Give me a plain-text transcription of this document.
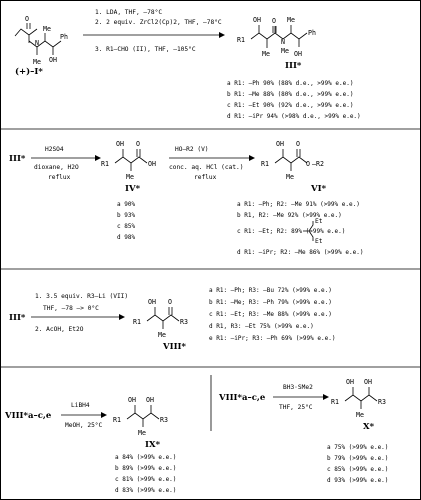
O
N
Me
Me
Ph
OH
(+)–I*
1. LDA, THF, –78°C
2. 2 equiv. ZrCl2(Cp)2, THF, –78°C
3. R1–CHO (II), THF, –105°C
R1
OH
Me
O
N
Me
Me
Ph
OH
III*
a R1: –Ph 90% (88% d.e., >99% e.e.)
b R1: –Me 88% (80% d.e., >99% e.e.)
c R1: –Et 90% (92% d.e., >99% e.e.)
d R1: –iPr 94% (>98% d.e., >99% e.e.)
III*
H2SO4
dioxane, H2O
reflux
R1
OH O
OH
Me
IV*
a 90%
b 93%
c 85%
d 98%
HO—R2 (V)
conc. aq. HCl (cat.)
reflux
R1
OH O
O –R2
Me
VI*
a R1: –Ph; R2: –Me 91% (>99% e.e.)
b R1, R2: –Me 92% (>99% e.e.)
c R1: –Et; R2: 89% (>99% e.e.)
Et
Et
d R1: –iPr; R2: –Me 86% (>99% e.e.)
III*
1. 3.5 equiv. R3—Li (VII)
THF, –78 –> 0°C
2. AcOH, Et2O
R1
OH O
R3
Me
VIII*
a R1: –Ph; R3: –Bu 72% (>99% e.e.)
b R1: –Me; R3: –Ph 79% (>99% e.e.)
c R1: –Et; R3: –Me 88% (>99% e.e.)
d R1, R3: –Et 75% (>99% e.e.)
e R1: –iPr; R3: –Ph 69% (>99% e.e.)
VIII*a–c,e
LiBH4
MeOH, 25°C
R1
OH OH
R3
Me
IX*
a 84% (>99% e.e.)
b 89% (>99% e.e.)
c 81% (>99% e.e.)
d 83% (>99% e.e.)
VIII*a–c,e
BH3·SMe2
THF, 25°C
R1
OH OH
R3
Me
X*
a 75% (>99% e.e.)
b 79% (>99% e.e.)
c 85% (>99% e.e.)
d 93% (>99% e.e.)
